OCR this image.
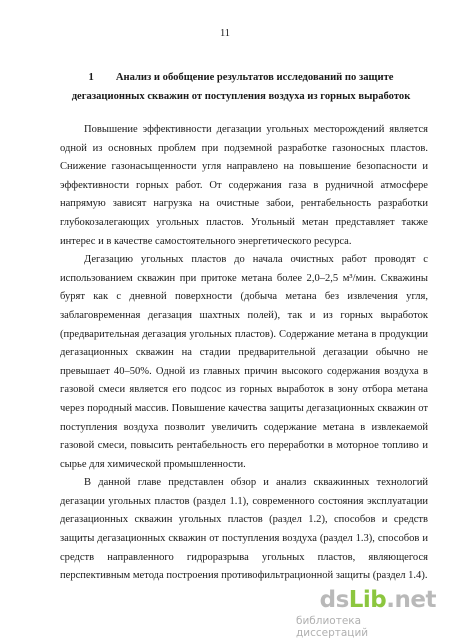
11
1 Анализ и обобщение результатов исследований по защите
дегазационных скважин от поступления воздуха из горных выработок

Повышение эффективности дегазации угольных месторождений является одной из основных проблем при подземной разработке газоносных пластов. Снижение газонасыщенности угля направлено на повышение безопасности и эффективности горных работ. От содержания газа в рудничной атмосфере напрямую зависят нагрузка на очистные забои, рентабельность разработки глубокозалегающих угольных пластов. Угольный метан представляет также интерес и в качестве самостоятельного энергетического ресурса.

Дегазацию угольных пластов до начала очистных работ проводят с использованием скважин при притоке метана более 2,0–2,5 м³/мин. Скважины бурят как с дневной поверхности (добыча метана без извлечения угля, заблаговременная дегазация шахтных полей), так и из горных выработок (предварительная дегазация угольных пластов). Содержание метана в продукции дегазационных скважин на стадии предварительной дегазации обычно не превышает 40–50%. Одной из главных причин высокого содержания воздуха в газовой смеси является его подсос из горных выработок в зону отбора метана через породный массив. Повышение качества защиты дегазационных скважин от поступления воздуха позволит увеличить содержание метана в извлекаемой газовой смеси, повысить рентабельность его переработки в моторное топливо и сырье для химической промышленности.

В данной главе представлен обзор и анализ скважинных технологий дегазации угольных пластов (раздел 1.1), современного состояния эксплуатации дегазационных скважин угольных пластов (раздел 1.2), способов и средств защиты дегазационных скважин от поступления воздуха (раздел 1.3), способов и средств направленного гидроразрыва угольных пластов, являющегося перспективным метода построения противофильтрационной защиты (раздел 1.4).

dsLib.net
библиотека диссертаций
